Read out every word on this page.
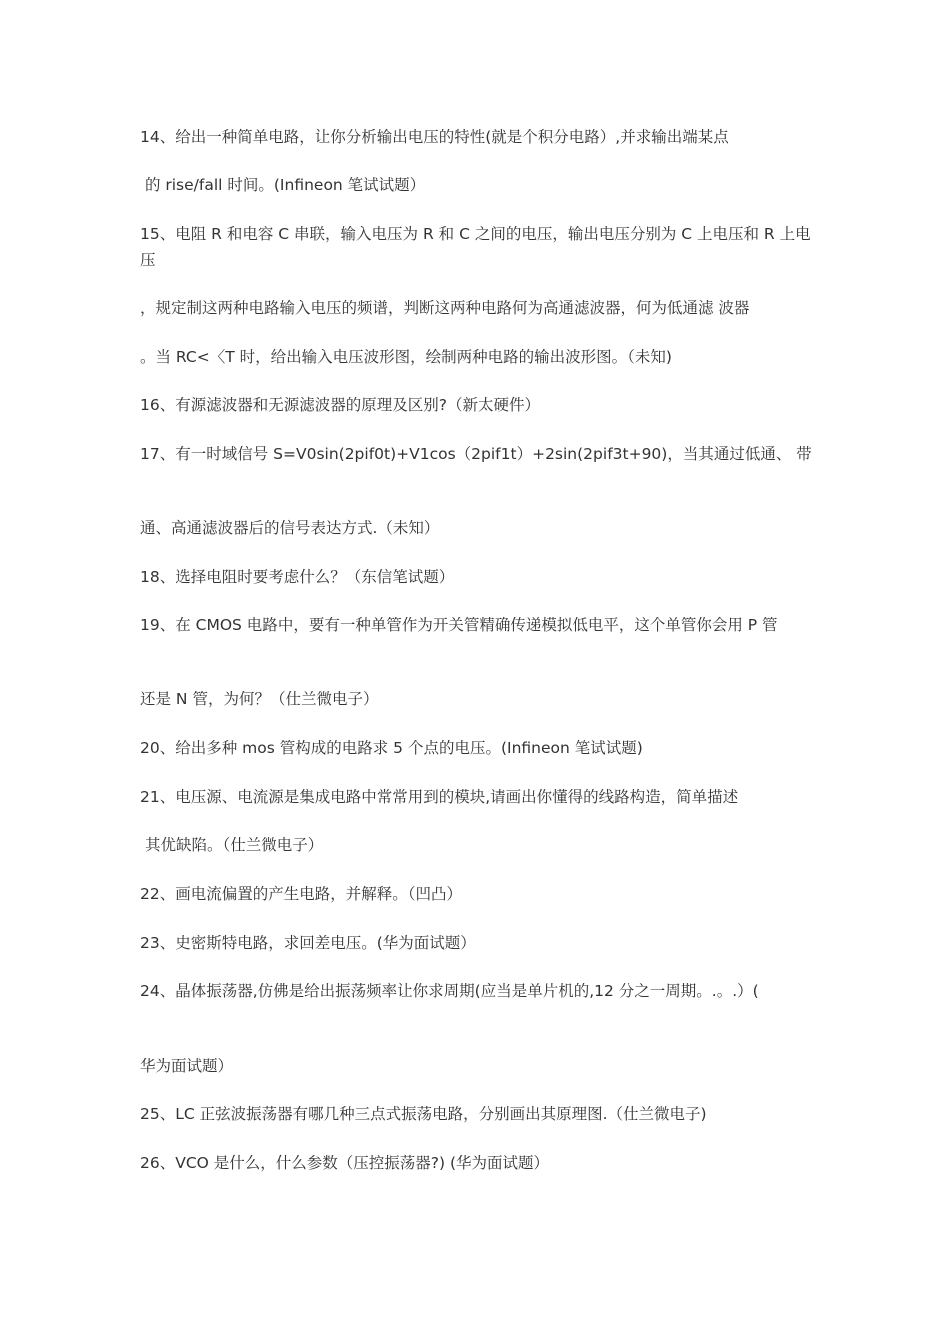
14、给出一种简单电路，让你分析输出电压的特性(就是个积分电路）,并求输出端某点
的 rise/fall 时间。(Infineon 笔试试题）
15、电阻 R 和电容 C 串联，输入电压为 R 和 C 之间的电压，输出电压分别为 C 上电压和 R 上电 压
，规定制这两种电路输入电压的频谱，判断这两种电路何为高通滤波器，何为低通滤 波器
。当 RC<〈T 时，给出输入电压波形图，绘制两种电路的输出波形图。（未知)
16、有源滤波器和无源滤波器的原理及区别?（新太硬件）
17、有一时域信号 S=V0sin(2pif0t)+V1cos（2pif1t）+2sin(2pif3t+90)，当其通过低通、 带
通、高通滤波器后的信号表达方式.（未知）
18、选择电阻时要考虑什么？（东信笔试题）
19、在 CMOS 电路中，要有一种单管作为开关管精确传递模拟低电平，这个单管你会用 P 管
还是 N 管，为何？（仕兰微电子）
20、给出多种 mos 管构成的电路求 5 个点的电压。(Infineon 笔试试题)
21、电压源、电流源是集成电路中常常用到的模块,请画出你懂得的线路构造，简单描述
其优缺陷。（仕兰微电子）
22、画电流偏置的产生电路，并解释。（凹凸）
23、史密斯特电路，求回差电压。(华为面试题）
24、晶体振荡器,仿佛是给出振荡频率让你求周期(应当是单片机的,12 分之一周期。.。.）(
华为面试题）
25、LC 正弦波振荡器有哪几种三点式振荡电路，分别画出其原理图.（仕兰微电子)
26、VCO 是什么，什么参数（压控振荡器?) (华为面试题）
